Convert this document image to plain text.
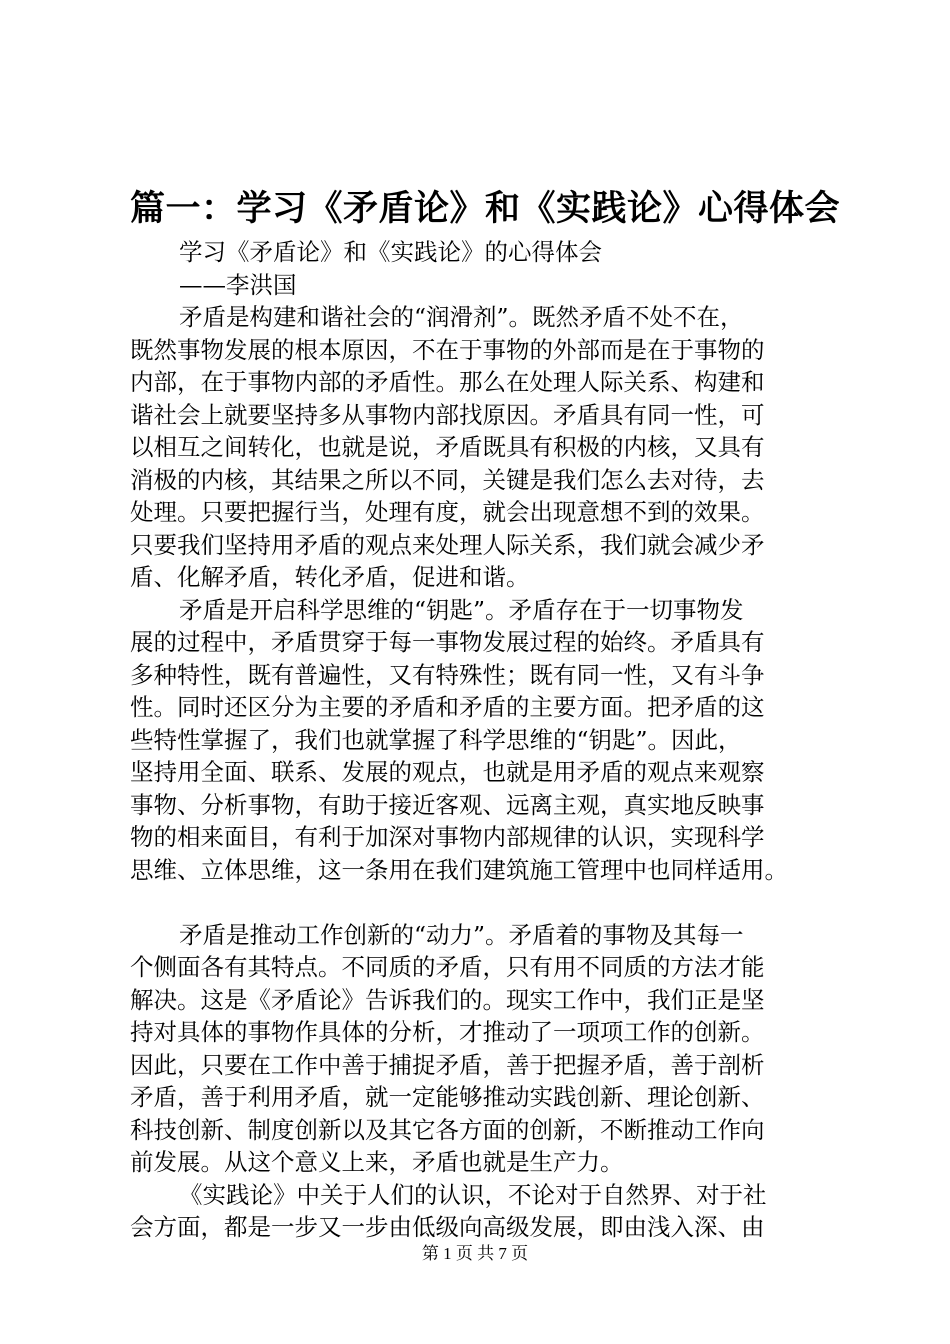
篇一：学习《矛盾论》和《实践论》心得体会

学习《矛盾论》和《实践论》的心得体会

——李洪国

矛盾是构建和谐社会的“润滑剂”。既然矛盾不处不在，

既然事物发展的根本原因，不在于事物的外部而是在于事物的

内部，在于事物内部的矛盾性。那么在处理人际关系、构建和

谐社会上就要坚持多从事物内部找原因。矛盾具有同一性，可

以相互之间转化，也就是说，矛盾既具有积极的内核，又具有

消极的内核，其结果之所以不同，关键是我们怎么去对待，去

处理。只要把握行当，处理有度，就会出现意想不到的效果。

只要我们坚持用矛盾的观点来处理人际关系，我们就会减少矛

盾、化解矛盾，转化矛盾，促进和谐。

矛盾是开启科学思维的“钥匙”。矛盾存在于一切事物发

展的过程中，矛盾贯穿于每一事物发展过程的始终。矛盾具有

多种特性，既有普遍性，又有特殊性；既有同一性，又有斗争

性。同时还区分为主要的矛盾和矛盾的主要方面。把矛盾的这

些特性掌握了，我们也就掌握了科学思维的“钥匙”。因此，

坚持用全面、联系、发展的观点，也就是用矛盾的观点来观察

事物、分析事物，有助于接近客观、远离主观，真实地反映事

物的相来面目，有利于加深对事物内部规律的认识，实现科学

思维、立体思维，这一条用在我们建筑施工管理中也同样适用。

矛盾是推动工作创新的“动力”。矛盾着的事物及其每一

个侧面各有其特点。不同质的矛盾，只有用不同质的方法才能

解决。这是《矛盾论》告诉我们的。现实工作中，我们正是坚

持对具体的事物作具体的分析，才推动了一项项工作的创新。

因此，只要在工作中善于捕捉矛盾，善于把握矛盾，善于剖析

矛盾，善于利用矛盾，就一定能够推动实践创新、理论创新、

科技创新、制度创新以及其它各方面的创新，不断推动工作向

前发展。从这个意义上来，矛盾也就是生产力。

《实践论》中关于人们的认识，不论对于自然界、对于社

会方面，都是一步又一步由低级向高级发展，即由浅入深、由

第 1 页 共 7 页
